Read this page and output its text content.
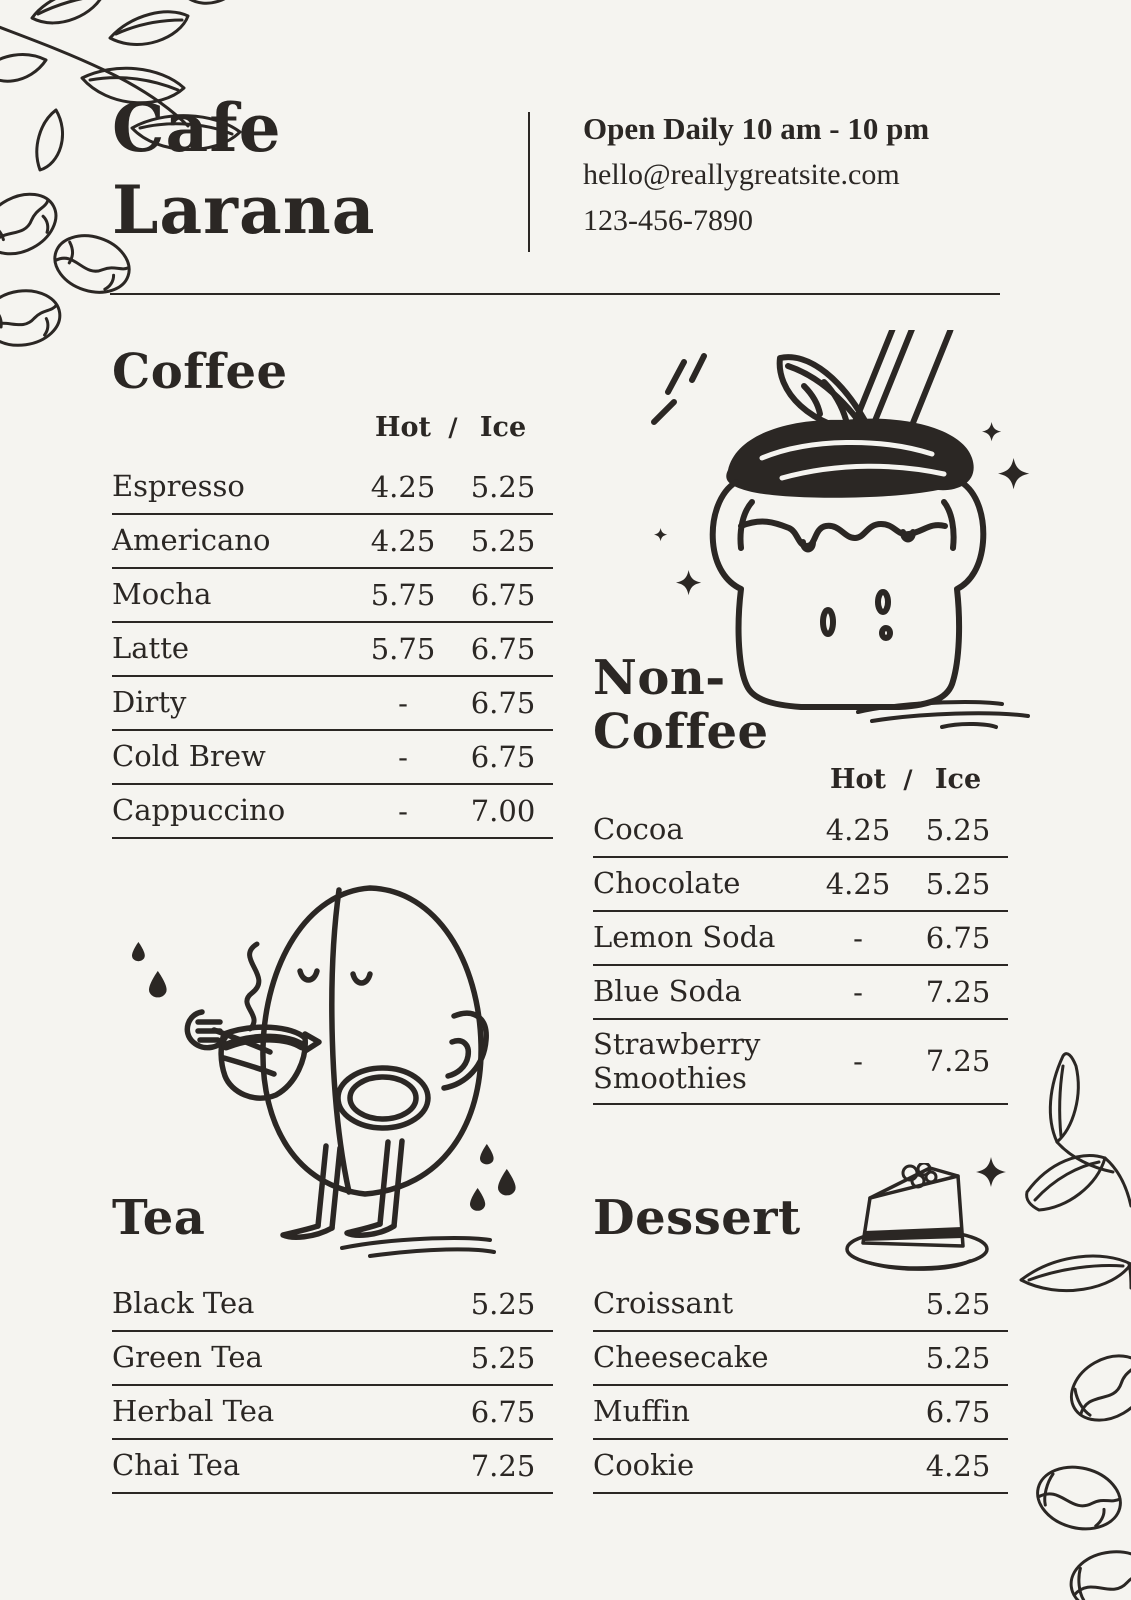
Cafe
Larana
Open Daily 10 am - 10 pm
hello@reallygreatsite.com
123-456-7890
Coffee
Hot / Ice
Espresso	4.25	5.25
Americano	4.25	5.25
Mocha	5.75	6.75
Latte	5.75	6.75
Dirty	-	6.75
Cold Brew	-	6.75
Cappuccino	-	7.00
Non-
Coffee
Hot / Ice
Cocoa	4.25	5.25
Chocolate	4.25	5.25
Lemon Soda	-	6.75
Blue Soda	-	7.25
Strawberry Smoothies	-	7.25
Tea
Black Tea	5.25
Green Tea	5.25
Herbal Tea	6.75
Chai Tea	7.25
Dessert
Croissant	5.25
Cheesecake	5.25
Muffin	6.75
Cookie	4.25
